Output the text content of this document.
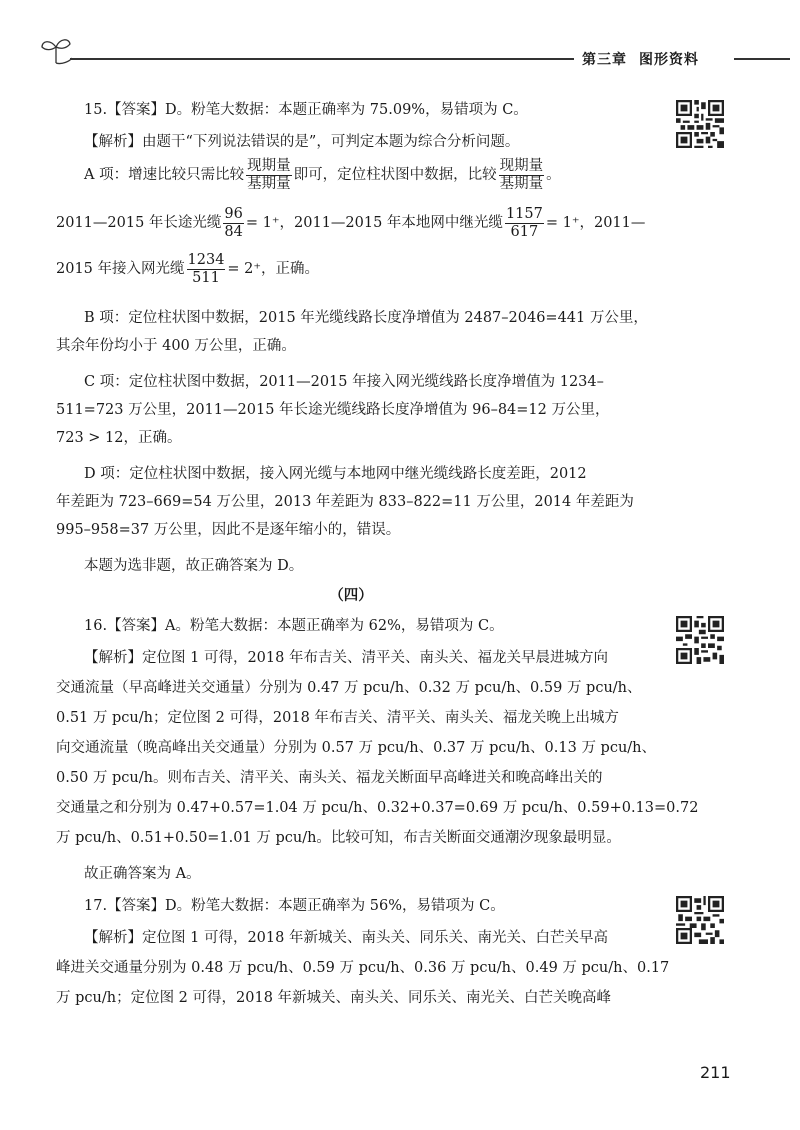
第三章 图形资料
15.【答案】D。粉笔大数据：本题正确率为 75.09%，易错项为 C。
【解析】由题干“下列说法错误的是”，可判定本题为综合分析问题。
A 项：增速比较只需比较 $\frac{\text{现期量}}{\text{基期量}}$ 即可，定位柱状图中数据，比较 $\frac{\text{现期量}}{\text{基期量}}$ 。
2011—2015 年长途光缆 $\frac{96}{84} = 1^+$，2011—2015 年本地网中继光缆 $\frac{1157}{617} = 1^+$，2011—
2015 年接入网光缆 $\frac{1234}{511} = 2^+$，正确。
B 项：定位柱状图中数据，2015 年光缆线路长度净增值为 2487–2046=441 万公里，
其余年份均小于 400 万公里，正确。
C 项：定位柱状图中数据，2011—2015 年接入网光缆线路长度净增值为 1234–
511=723 万公里，2011—2015 年长途光缆线路长度净增值为 96–84=12 万公里，
723 > 12，正确。
D 项：定位柱状图中数据，接入网光缆与本地网中继光缆线路长度差距，2012
年差距为 723–669=54 万公里，2013 年差距为 833–822=11 万公里，2014 年差距为
995–958=37 万公里，因此不是逐年缩小的，错误。
本题为选非题，故正确答案为 D。
（四）
16.【答案】A。粉笔大数据：本题正确率为 62%，易错项为 C。
【解析】定位图 1 可得，2018 年布吉关、清平关、南头关、福龙关早晨进城方向
交通流量（早高峰进关交通量）分别为 0.47 万 pcu/h、0.32 万 pcu/h、0.59 万 pcu/h、
0.51 万 pcu/h；定位图 2 可得，2018 年布吉关、清平关、南头关、福龙关晚上出城方
向交通流量（晚高峰出关交通量）分别为 0.57 万 pcu/h、0.37 万 pcu/h、0.13 万 pcu/h、
0.50 万 pcu/h。则布吉关、清平关、南头关、福龙关断面早高峰进关和晚高峰出关的
交通量之和分别为 0.47+0.57=1.04 万 pcu/h、0.32+0.37=0.69 万 pcu/h、0.59+0.13=0.72
万 pcu/h、0.51+0.50=1.01 万 pcu/h。比较可知，布吉关断面交通潮汐现象最明显。
故正确答案为 A。
17.【答案】D。粉笔大数据：本题正确率为 56%，易错项为 C。
【解析】定位图 1 可得，2018 年新城关、南头关、同乐关、南光关、白芒关早高
峰进关交通量分别为 0.48 万 pcu/h、0.59 万 pcu/h、0.36 万 pcu/h、0.49 万 pcu/h、0.17
万 pcu/h；定位图 2 可得，2018 年新城关、南头关、同乐关、南光关、白芒关晚高峰
211
